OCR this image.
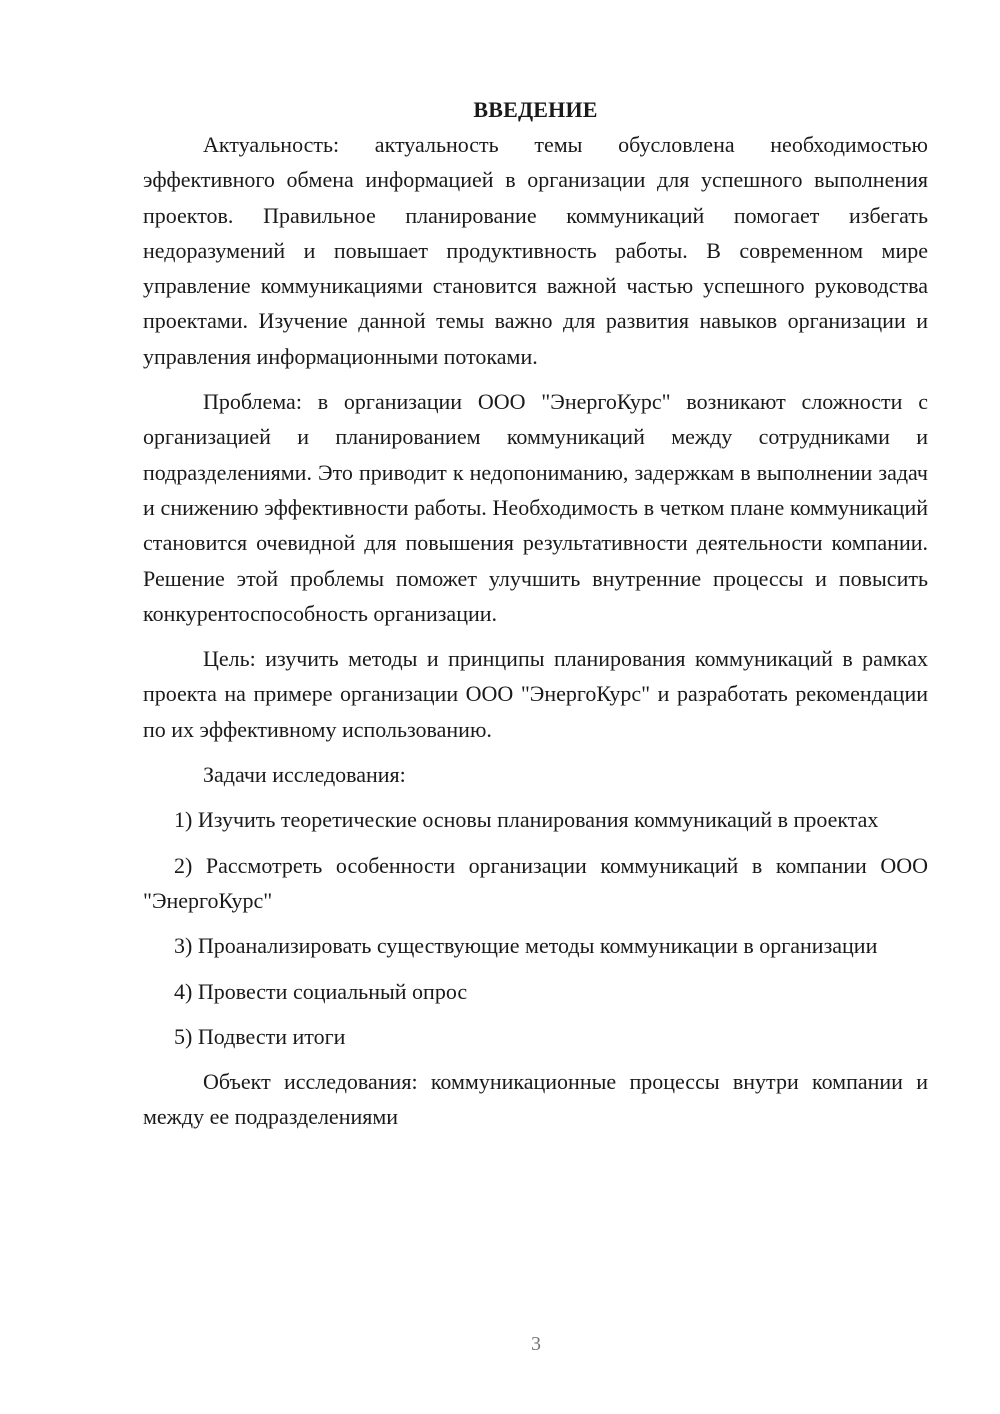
ВВЕДЕНИЕ

Актуальность: актуальность темы обусловлена необходимостью эффективного обмена информацией в организации для успешного выполнения проектов. Правильное планирование коммуникаций помогает избегать недоразумений и повышает продуктивность работы. В современном мире управление коммуникациями становится важной частью успешного руководства проектами. Изучение данной темы важно для развития навыков организации и управления информационными потоками.

Проблема: в организации ООО "ЭнергоКурс" возникают сложности с организацией и планированием коммуникаций между сотрудниками и подразделениями. Это приводит к недопониманию, задержкам в выполнении задач и снижению эффективности работы. Необходимость в четком плане коммуникаций становится очевидной для повышения результативности деятельности компании. Решение этой проблемы поможет улучшить внутренние процессы и повысить конкурентоспособность организации.

Цель: изучить методы и принципы планирования коммуникаций в рамках проекта на примере организации ООО "ЭнергоКурс" и разработать рекомендации по их эффективному использованию.

Задачи исследования:

1) Изучить теоретические основы планирования коммуникаций в проектах

2) Рассмотреть особенности организации коммуникаций в компании ООО "ЭнергоКурс"

3) Проанализировать существующие методы коммуникации в организации

4) Провести социальный опрос

5) Подвести итоги

Объект исследования: коммуникационные процессы внутри компании и между ее подразделениями

3
